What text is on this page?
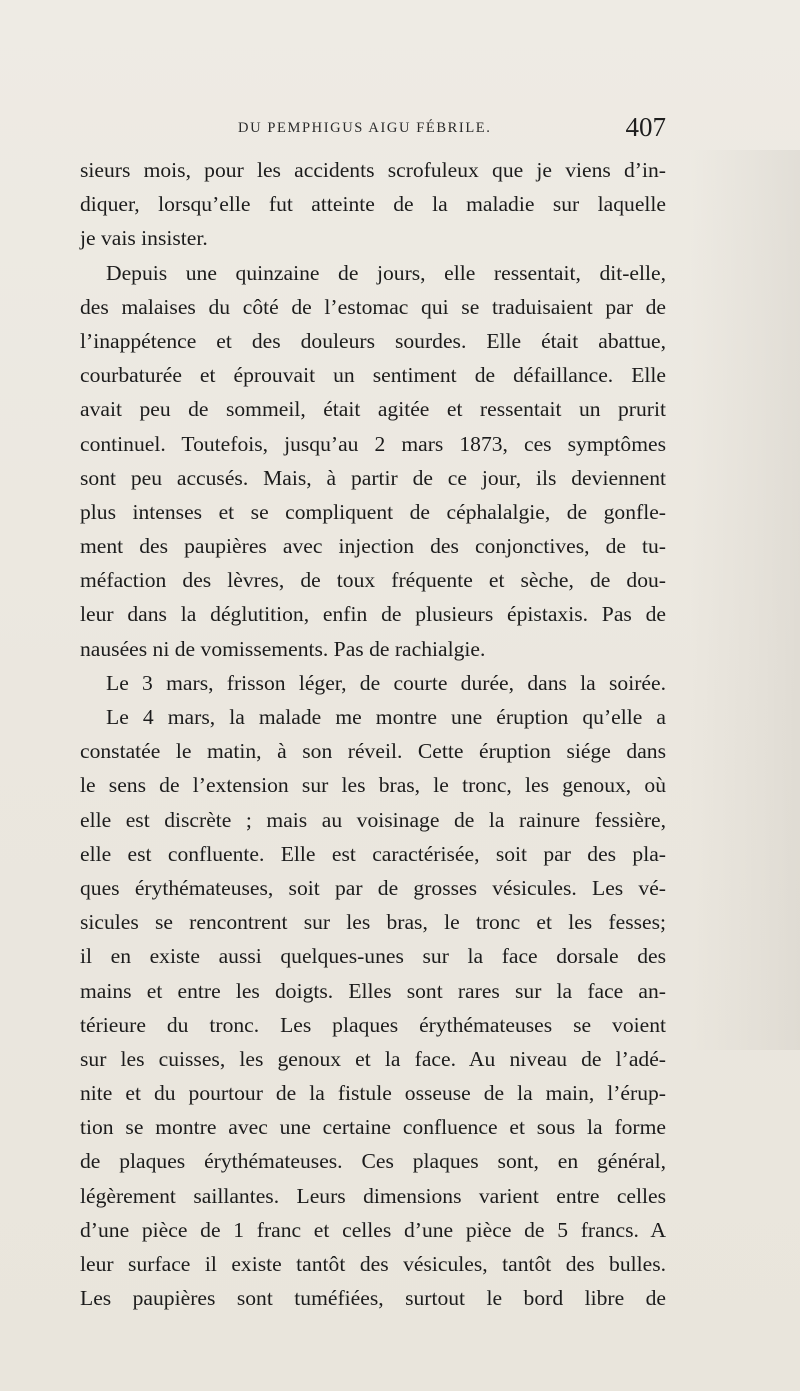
DU PEMPHIGUS AIGU FÉBRILE.	407
sieurs mois, pour les accidents scrofuleux que je viens d’in-
diquer, lorsqu’elle fut atteinte de la maladie sur laquelle
je vais insister.
Depuis une quinzaine de jours, elle ressentait, dit-elle,
des malaises du côté de l’estomac qui se traduisaient par de
l’inappétence et des douleurs sourdes. Elle était abattue,
courbaturée et éprouvait un sentiment de défaillance. Elle
avait peu de sommeil, était agitée et ressentait un prurit
continuel. Toutefois, jusqu’au 2 mars 1873, ces symptômes
sont peu accusés. Mais, à partir de ce jour, ils deviennent
plus intenses et se compliquent de céphalalgie, de gonfle-
ment des paupières avec injection des conjonctives, de tu-
méfaction des lèvres, de toux fréquente et sèche, de dou-
leur dans la déglutition, enfin de plusieurs épistaxis. Pas de
nausées ni de vomissements. Pas de rachialgie.
Le 3 mars, frisson léger, de courte durée, dans la soirée.
Le 4 mars, la malade me montre une éruption qu’elle a
constatée le matin, à son réveil. Cette éruption siége dans
le sens de l’extension sur les bras, le tronc, les genoux, où
elle est discrète ; mais au voisinage de la rainure fessière,
elle est confluente. Elle est caractérisée, soit par des pla-
ques érythémateuses, soit par de grosses vésicules. Les vé-
sicules se rencontrent sur les bras, le tronc et les fesses;
il en existe aussi quelques-unes sur la face dorsale des
mains et entre les doigts. Elles sont rares sur la face an-
térieure du tronc. Les plaques érythémateuses se voient
sur les cuisses, les genoux et la face. Au niveau de l’adé-
nite et du pourtour de la fistule osseuse de la main, l’érup-
tion se montre avec une certaine confluence et sous la forme
de plaques érythémateuses. Ces plaques sont, en général,
légèrement saillantes. Leurs dimensions varient entre celles
d’une pièce de 1 franc et celles d’une pièce de 5 francs. A
leur surface il existe tantôt des vésicules, tantôt des bulles.
Les paupières sont tuméfiées, surtout le bord libre de
